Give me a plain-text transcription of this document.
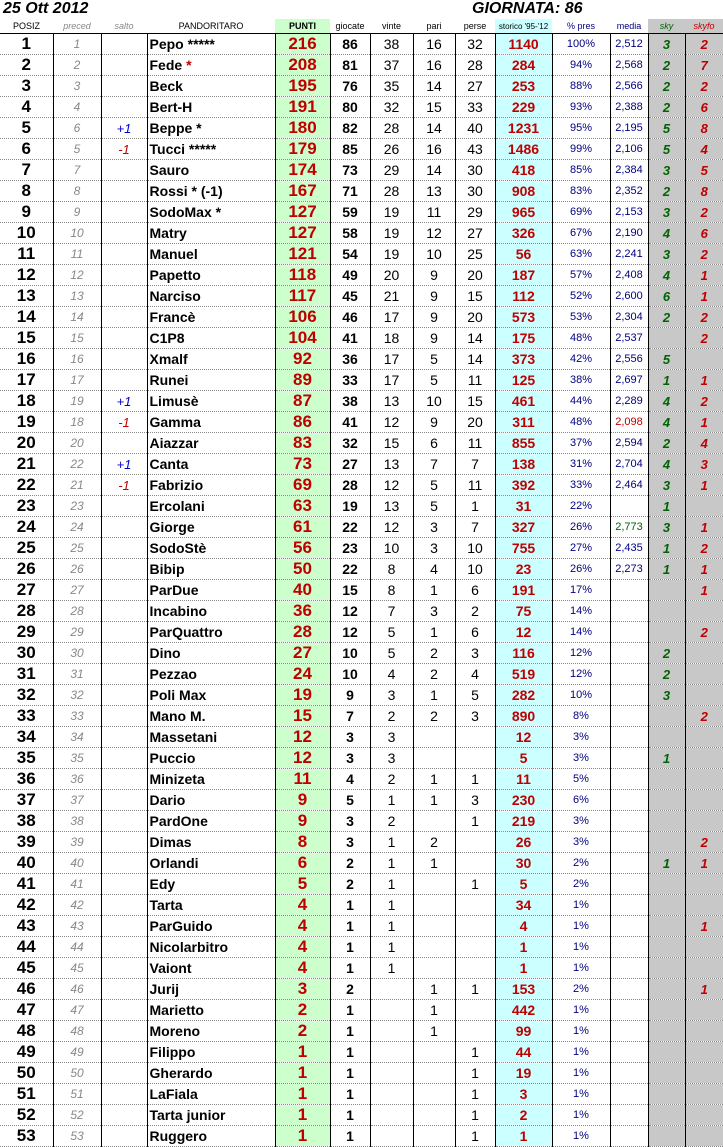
25 Ott 2012	GIORNATA: 86
POSIZ	preced	salto	PANDORITARO	PUNTI	giocate	vinte	pari	perse	storico '95-'12	% pres	media	sky	skyfo
1	1		Pepo *****	216	86	38	16	32	1140	100%	2,512	3	2
2	2		Fede *	208	81	37	16	28	284	94%	2,568	2	7
3	3		Beck	195	76	35	14	27	253	88%	2,566	2	2
4	4		Bert-H	191	80	32	15	33	229	93%	2,388	2	6
5	6	+1	Beppe *	180	82	28	14	40	1231	95%	2,195	5	8
6	5	-1	Tucci *****	179	85	26	16	43	1486	99%	2,106	5	4
7	7		Sauro	174	73	29	14	30	418	85%	2,384	3	5
8	8		Rossi * (-1)	167	71	28	13	30	908	83%	2,352	2	8
9	9		SodoMax *	127	59	19	11	29	965	69%	2,153	3	2
10	10		Matry	127	58	19	12	27	326	67%	2,190	4	6
11	11		Manuel	121	54	19	10	25	56	63%	2,241	3	2
12	12		Papetto	118	49	20	9	20	187	57%	2,408	4	1
13	13		Narciso	117	45	21	9	15	112	52%	2,600	6	1
14	14		Francè	106	46	17	9	20	573	53%	2,304	2	2
15	15		C1P8	104	41	18	9	14	175	48%	2,537		2
16	16		Xmalf	92	36	17	5	14	373	42%	2,556	5	
17	17		Runei	89	33	17	5	11	125	38%	2,697	1	1
18	19	+1	Limusè	87	38	13	10	15	461	44%	2,289	4	2
19	18	-1	Gamma	86	41	12	9	20	311	48%	2,098	4	1
20	20		Aiazzar	83	32	15	6	11	855	37%	2,594	2	4
21	22	+1	Canta	73	27	13	7	7	138	31%	2,704	4	3
22	21	-1	Fabrizio	69	28	12	5	11	392	33%	2,464	3	1
23	23		Ercolani	63	19	13	5	1	31	22%		1	
24	24		Giorge	61	22	12	3	7	327	26%	2,773	3	1
25	25		SodoStè	56	23	10	3	10	755	27%	2,435	1	2
26	26		Bibip	50	22	8	4	10	23	26%	2,273	1	1
27	27		ParDue	40	15	8	1	6	191	17%			1
28	28		Incabino	36	12	7	3	2	75	14%			
29	29		ParQuattro	28	12	5	1	6	12	14%			2
30	30		Dino	27	10	5	2	3	116	12%		2	
31	31		Pezzao	24	10	4	2	4	519	12%		2	
32	32		Poli Max	19	9	3	1	5	282	10%		3	
33	33		Mano M.	15	7	2	2	3	890	8%			2
34	34		Massetani	12	3	3			12	3%			
35	35		Puccio	12	3	3			5	3%		1	
36	36		Minizeta	11	4	2	1	1	11	5%			
37	37		Dario	9	5	1	1	3	230	6%			
38	38		PardOne	9	3	2		1	219	3%			
39	39		Dimas	8	3	1	2		26	3%			2
40	40		Orlandi	6	2	1	1		30	2%		1	1
41	41		Edy	5	2	1		1	5	2%			
42	42		Tarta	4	1	1			34	1%			
43	43		ParGuido	4	1	1			4	1%			1
44	44		Nicolarbitro	4	1	1			1	1%			
45	45		Vaiont	4	1	1			1	1%			
46	46		Jurij	3	2		1	1	153	2%			1
47	47		Marietto	2	1		1		442	1%			
48	48		Moreno	2	1		1		99	1%			
49	49		Filippo	1	1			1	44	1%			
50	50		Gherardo	1	1			1	19	1%			
51	51		LaFiala	1	1			1	3	1%			
52	52		Tarta junior	1	1			1	2	1%			
53	53		Ruggero	1	1			1	1	1%			
